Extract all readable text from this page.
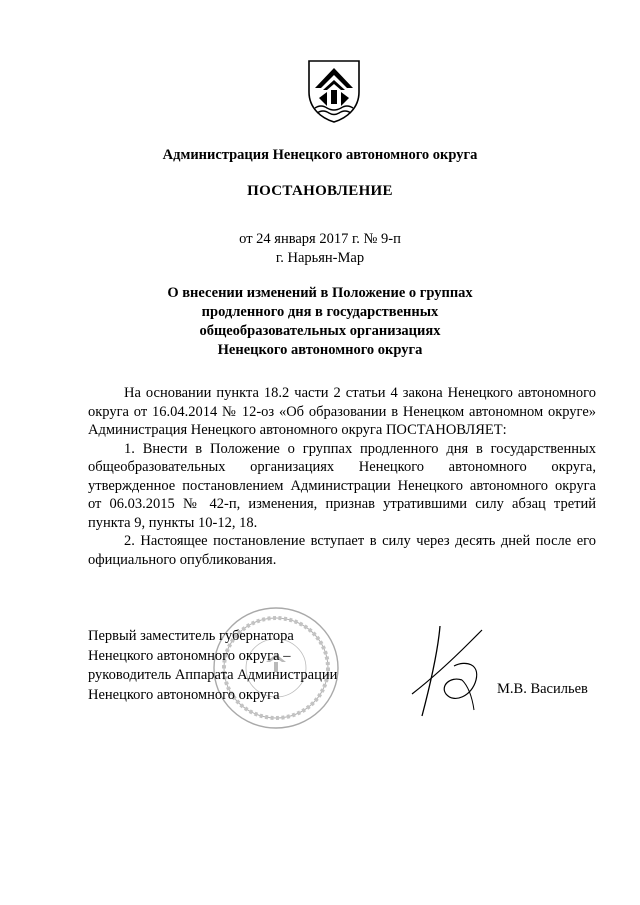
Администрация Ненецкого автономного округа
ПОСТАНОВЛЕНИЕ
от 24 января 2017 г. № 9-п
г. Нарьян-Мар
О внесении изменений в Положение о группах
продленного дня в государственных
общеобразовательных организациях
Ненецкого автономного округа

На основании пункта 18.2 части 2 статьи 4 закона Ненецкого автономного округа от 16.04.2014 № 12-оз «Об образовании в Ненецком автономном округе» Администрация Ненецкого автономного округа ПОСТАНОВЛЯЕТ:

1. Внести в Положение о группах продленного дня в государственных общеобразовательных организациях Ненецкого автономного округа, утвержденное постановлением Администрации Ненецкого автономного округа от 06.03.2015 № 42-п, изменения, признав утратившими силу абзац третий пункта 9, пункты 10-12, 18.

2. Настоящее постановление вступает в силу через десять дней после его официального опубликования.

Первый заместитель губернатора
Ненецкого автономного округа –
руководитель Аппарата Администрации
Ненецкого автономного округа	М.В. Васильев
